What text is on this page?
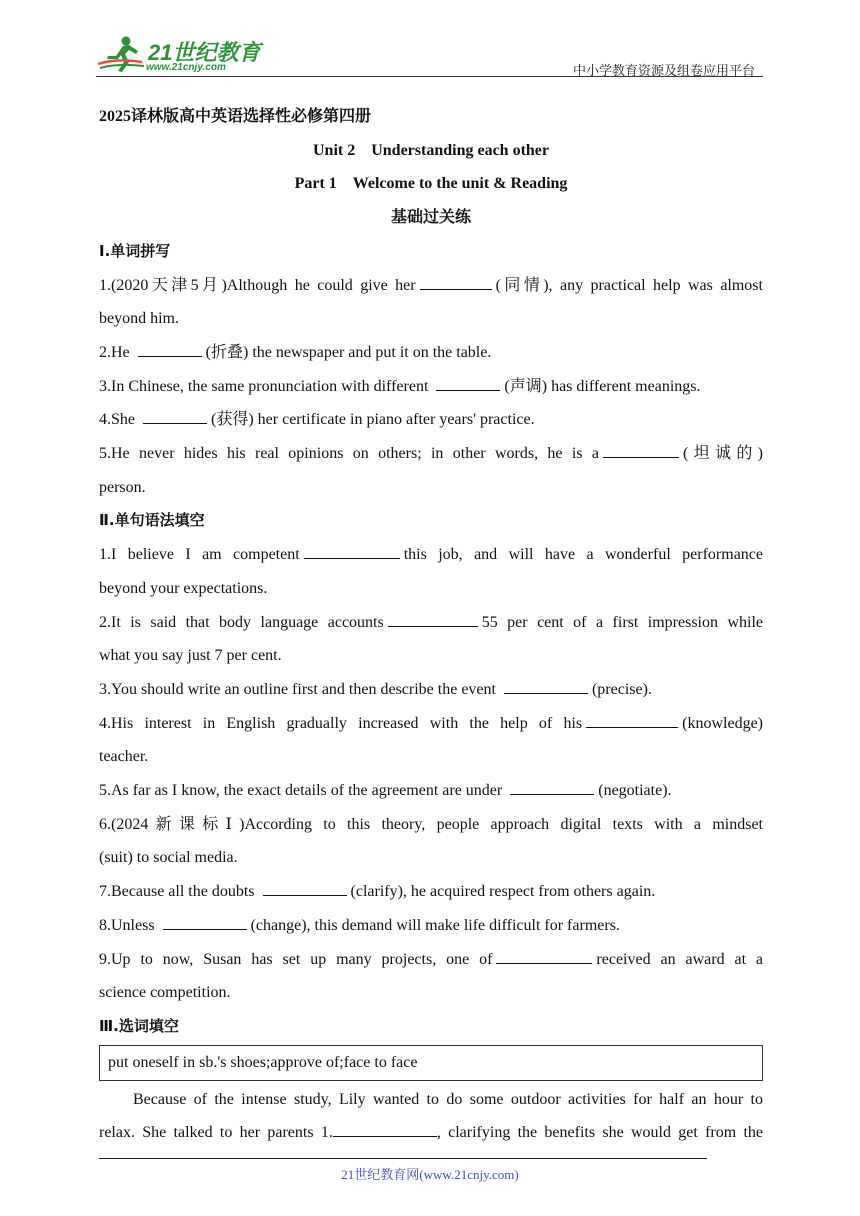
21世纪教育
www.21cnjy.com	中小学教育资源及组卷应用平台
2025译林版高中英语选择性必修第四册
Unit 2　Understanding each other
Part 1　Welcome to the unit & Reading
基础过关练
Ⅰ.单词拼写
1.(2020天津5月)Although he could give her	(同情), any practical help was almost
beyond him.
2.He	(折叠) the newspaper and put it on the table.
3.In Chinese, the same pronunciation with different	(声调) has different meanings.
4.She	(获得) her certificate in piano after years' practice.
5.He never hides his real opinions on others; in other words, he is a	(坦诚的)
person.
Ⅱ.单句语法填空
1.I believe I am competent	this job, and will have a wonderful performance
beyond your expectations.
2.It is said that body language accounts	55 per cent of a first impression while
what you say just 7 per cent.
3.You should write an outline first and then describe the event	(precise).
4.His interest in English gradually increased with the help of his	(knowledge)
teacher.
5.As far as I know, the exact details of the agreement are under	(negotiate).
6.(2024新课标Ⅰ)According to this theory, people approach digital texts with a mindset
(suit) to social media.
7.Because all the doubts	(clarify), he acquired respect from others again.
8.Unless	(change), this demand will make life difficult for farmers.
9.Up to now, Susan has set up many projects, one of	received an award at a
science competition.
Ⅲ.选词填空
put oneself in sb.'s shoes;approve of;face to face
Because of the intense study, Lily wanted to do some outdoor activities for half an hour to
relax. She talked to her parents 1.	, clarifying the benefits she would get from the
21世纪教育网(www.21cnjy.com)
